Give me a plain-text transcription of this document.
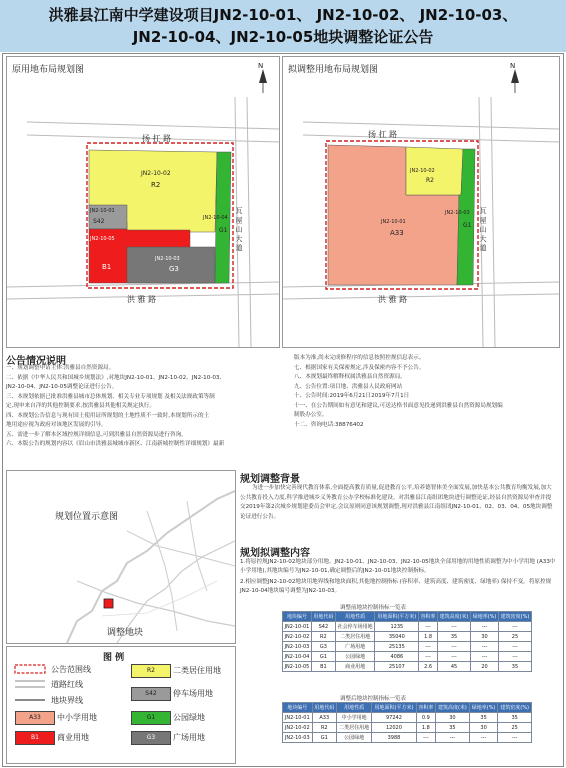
洪雅县江南中学建设项目JN2-10-01、 JN2-10-02、 JN2-10-03、
JN2-10-04、JN2-10-05地块调整论证公告
原用地布局规划图	N
扬 扛 路
洪 雅 路
瓦 屋 山 大 道
JN2-10-02
R2
JN2-10-01
S42
JN2-10-05
B1
JN2-10-03
G3
JN2-10-04
G1
拟调整用地布局规划图	N
扬 扛 路
洪 雅 路
瓦 屋 山 大 道
JN2-10-02
R2
JN2-10-01
A33
JN2-10-03
G1
公告情况说明
一、规划调整申请主体:洪雅县自然资源局。
二、依据《中华人民共和国城乡规划法》,对地块JN2-10-01、JN2-10-02、JN2-10-03、
JN2-10-04、JN2-10-05调整论证进行公告。
三、本规划依据已批准洪雅县城市总体规划、相关专业专项规划 及相关法规政策等制
定,现申来自洋的其他控制要求,按洪雅县其他相关规定执行。
四、本规划公告信息与现有国土使用证所规划的土地性质不一致时,本规划所示的土
地用途应视为政府对该地区发展的引导。
五、需进一步了解本区域控规详细信息,可到洪雅县自然资源局进行咨询。
六、本版公告的规划内容以《眉山市洪雅县城城市新区、江南新城控制性详细规划》最新
版本为准,尚未完成修程序的信息按照控规信息表示。
七、根据国家有关保密规定,涉及保密内容不予公告。
八、本规划最终解释权属洪雅县自然资源局。
九、公告位置:项目地、洪雅县人民政府网站
十、公告时间:2019年6月21日2019年7月1日
十一、在公告期间如有意见和建议,可送达格书面意见投递到洪雅县自然资源局规划编
制股办公室。
十二、咨询电话:38876402
规划位置示意图
调整地块
图 例
公告范围线
道路红线
地块界线
A33	中小学用地
B1	商业用地
R2	二类居住用地
S42	停车场用地
G1	公园绿地
G3	广场用地
规划调整背景
为进一步加快完善现代教育体系,全面提高教育质量,促进教育公平,培养德智体美全面发展,加快基本公共教育均衡发展,加大公共教育投入力度,科学推进城乡义务教育公办学校标准化建设。对洪雅县江南组团地块进行调整论证,经县自然资源局审查并提交2019年第2次城乡规划建委员会审定,会议原则同意该规划调整,现对洪雅县江南组团JN2-10-01、02、03、04、05地块调整论证进行公告。
规划拟调整内容
1.将原控规JN2-10-02地块部分用地、JN2-10-01、JN2-10-03、JN2-10-05地块全部用地的用地性质调整为中小学用地 (A33中小学用地),其地块编号为JN2-10-01,确定调整后的JN2-10-01地块控制指标。
2.相应调整JN2-10-02地块用地界线和地块面积,其他地控制指标 (容积率、建筑高度、建筑密度、绿地率) 保持不变。将原控规JN2-10-04地块编号调整为JN2-10-03。
调整前地块控制指标一览表
地块编号	用地代码	用地性质	用地面积(平方米)	容积率	建筑高度(米)	绿地率(%)	建筑密度(%)
JN2-10-01	S42	社会停车场用地	1235	---	---	---	---
JN2-10-02	R2	二类居住用地	35040	1.8	35	30	25
JN2-10-03	G3	广场用地	25135	---	---	---	---
JN2-10-04	G1	公园绿地	4086	---	---	---	---
JN2-10-05	B1	商业用地	25107	2.6	45	20	35
调整后地块控制指标一览表
地块编号	用地代码	用地性质	用地面积(平方米)	容积率	建筑高度(米)	绿地率(%)	建筑密度(%)
JN2-10-01	A33	中小学用地	97242	0.9	30	35	35
JN2-10-02	R2	二类居住用地	12020	1.8	35	30	25
JN2-10-03	G1	公园绿地	3988	---	---	---	---
